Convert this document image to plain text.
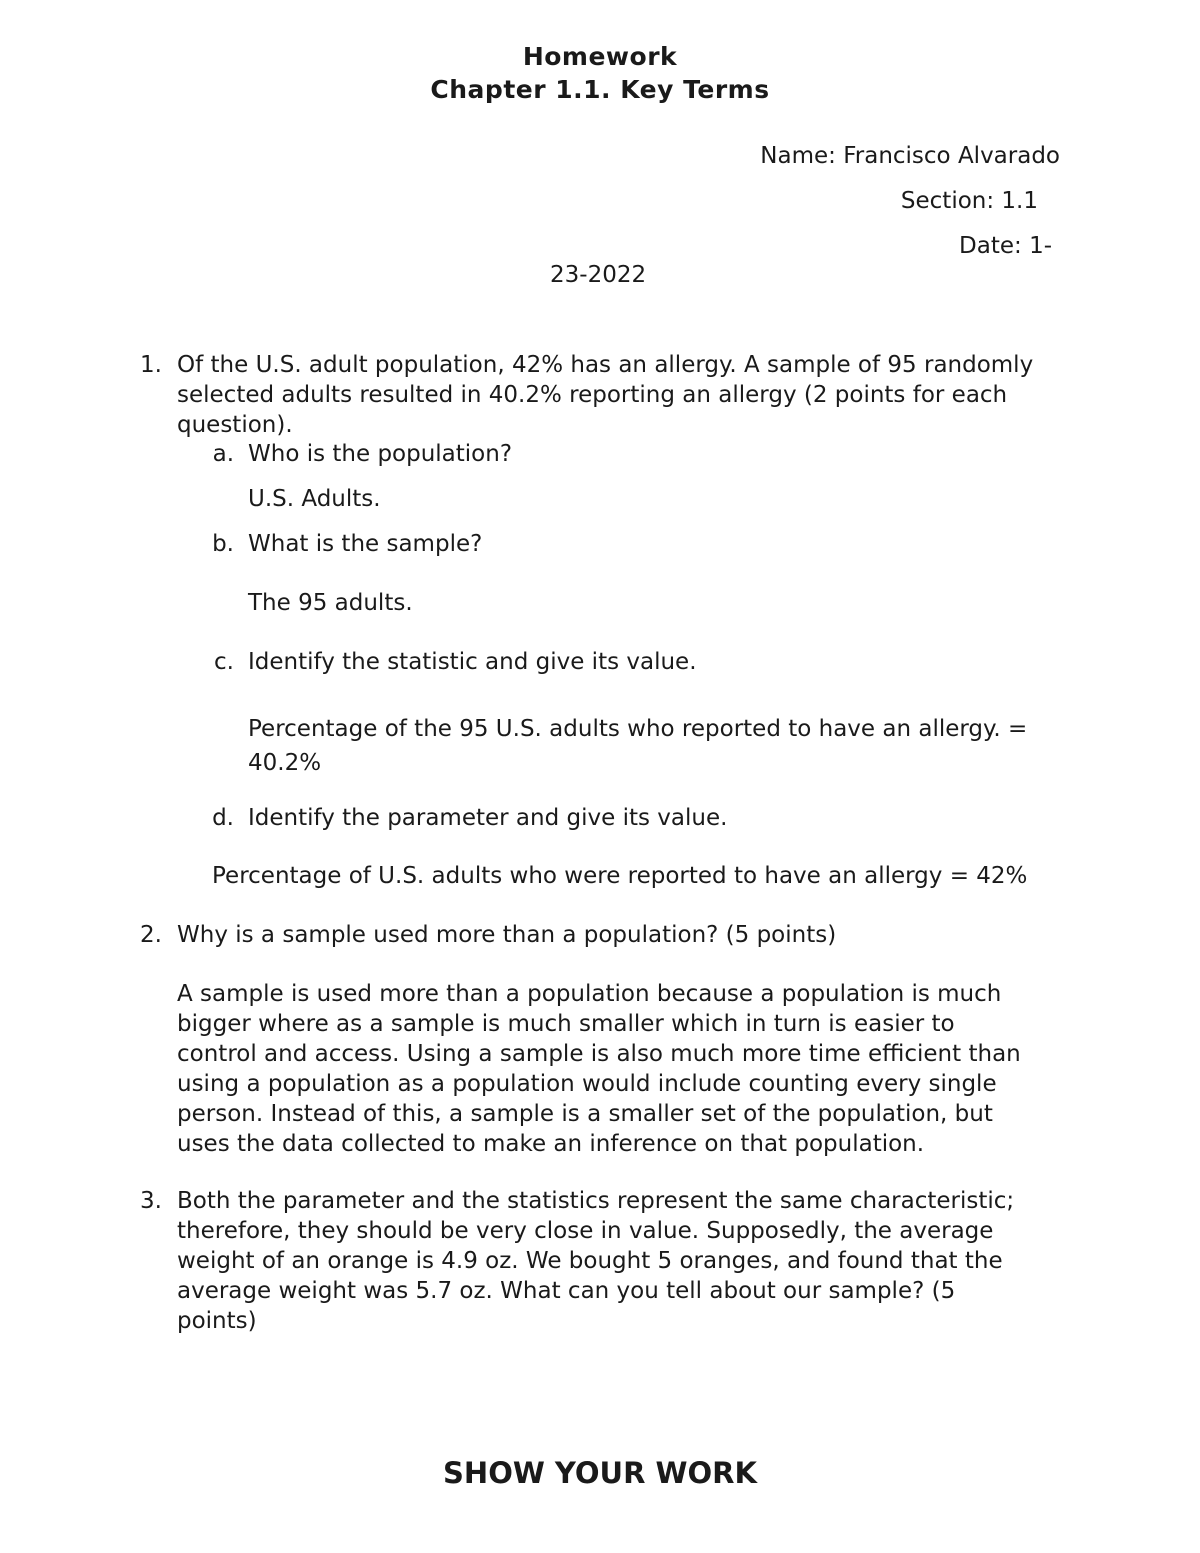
Homework
Chapter 1.1. Key Terms
Name: Francisco Alvarado
Section: 1.1
Date: 1-
23-2022
1. Of the U.S. adult population, 42% has an allergy. A sample of 95 randomly
selected adults resulted in 40.2% reporting an allergy (2 points for each
question).
a. Who is the population?
U.S. Adults.
b. What is the sample?
The 95 adults.
c. Identify the statistic and give its value.
Percentage of the 95 U.S. adults who reported to have an allergy. =
40.2%
d. Identify the parameter and give its value.
Percentage of U.S. adults who were reported to have an allergy = 42%
2. Why is a sample used more than a population? (5 points)
A sample is used more than a population because a population is much
bigger where as a sample is much smaller which in turn is easier to
control and access. Using a sample is also much more time efficient than
using a population as a population would include counting every single
person. Instead of this, a sample is a smaller set of the population, but
uses the data collected to make an inference on that population.
3. Both the parameter and the statistics represent the same characteristic;
therefore, they should be very close in value. Supposedly, the average
weight of an orange is 4.9 oz. We bought 5 oranges, and found that the
average weight was 5.7 oz. What can you tell about our sample? (5
points)
SHOW YOUR WORK
